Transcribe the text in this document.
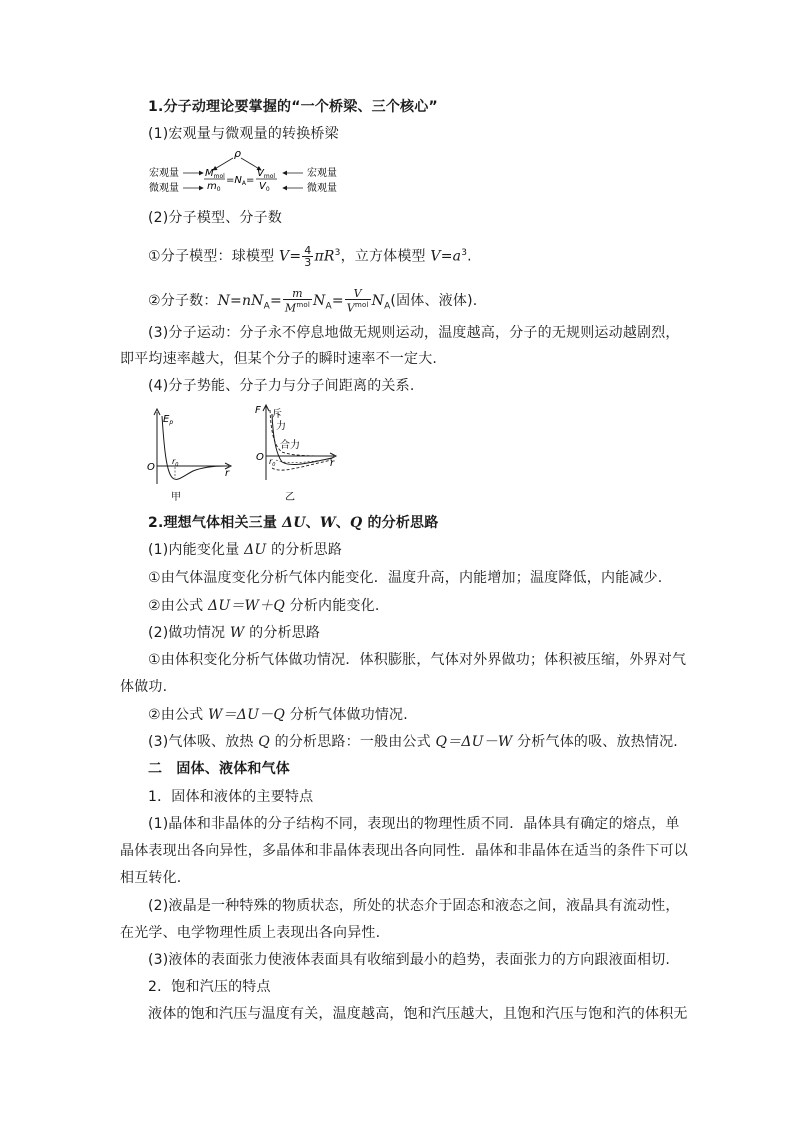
1.分子动理论要掌握的“一个桥梁、三个核心”
(1)宏观量与微观量的转换桥梁
ρ
宏观量
微观量
$M_{mol}$
$m_0$
$=N_A=$
$V_{mol}$
$V_0$
宏观量
微观量
(2)分子模型、分子数
①分子模型：球模型 $V= \frac{4}{3} \pi R^3$，立方体模型 $V=a^3$.
②分子数：$N=nN_A= \frac{m}{M^{mol}} N_A= \frac{V}{V^{mol}} N_A$(固体、液体).
(3)分子运动：分子永不停息地做无规则运动，温度越高，分子的无规则运动越剧烈，
即平均速率越大，但某个分子的瞬时速率不一定大.
(4)分子势能、分子力与分子间距离的关系.
$E_p$
O
$r_0$
r
甲
F 斥
力
合力
O $r_0$	r
乙
2.理想气体相关三量 ΔU、W、Q 的分析思路
(1)内能变化量 ΔU 的分析思路
①由气体温度变化分析气体内能变化．温度升高，内能增加；温度降低，内能减少.
②由公式 ΔU＝W＋Q 分析内能变化.
(2)做功情况 W 的分析思路
①由体积变化分析气体做功情况．体积膨胀，气体对外界做功；体积被压缩，外界对气
体做功.
②由公式 W＝ΔU－Q 分析气体做功情况.
(3)气体吸、放热 Q 的分析思路：一般由公式 Q＝ΔU－W 分析气体的吸、放热情况.
二　固体、液体和气体
1．固体和液体的主要特点
(1)晶体和非晶体的分子结构不同，表现出的物理性质不同．晶体具有确定的熔点，单
晶体表现出各向异性，多晶体和非晶体表现出各向同性．晶体和非晶体在适当的条件下可以
相互转化.
(2)液晶是一种特殊的物质状态，所处的状态介于固态和液态之间，液晶具有流动性，
在光学、电学物理性质上表现出各向异性.
(3)液体的表面张力使液体表面具有收缩到最小的趋势，表面张力的方向跟液面相切.
2．饱和汽压的特点
液体的饱和汽压与温度有关，温度越高，饱和汽压越大，且饱和汽压与饱和汽的体积无
